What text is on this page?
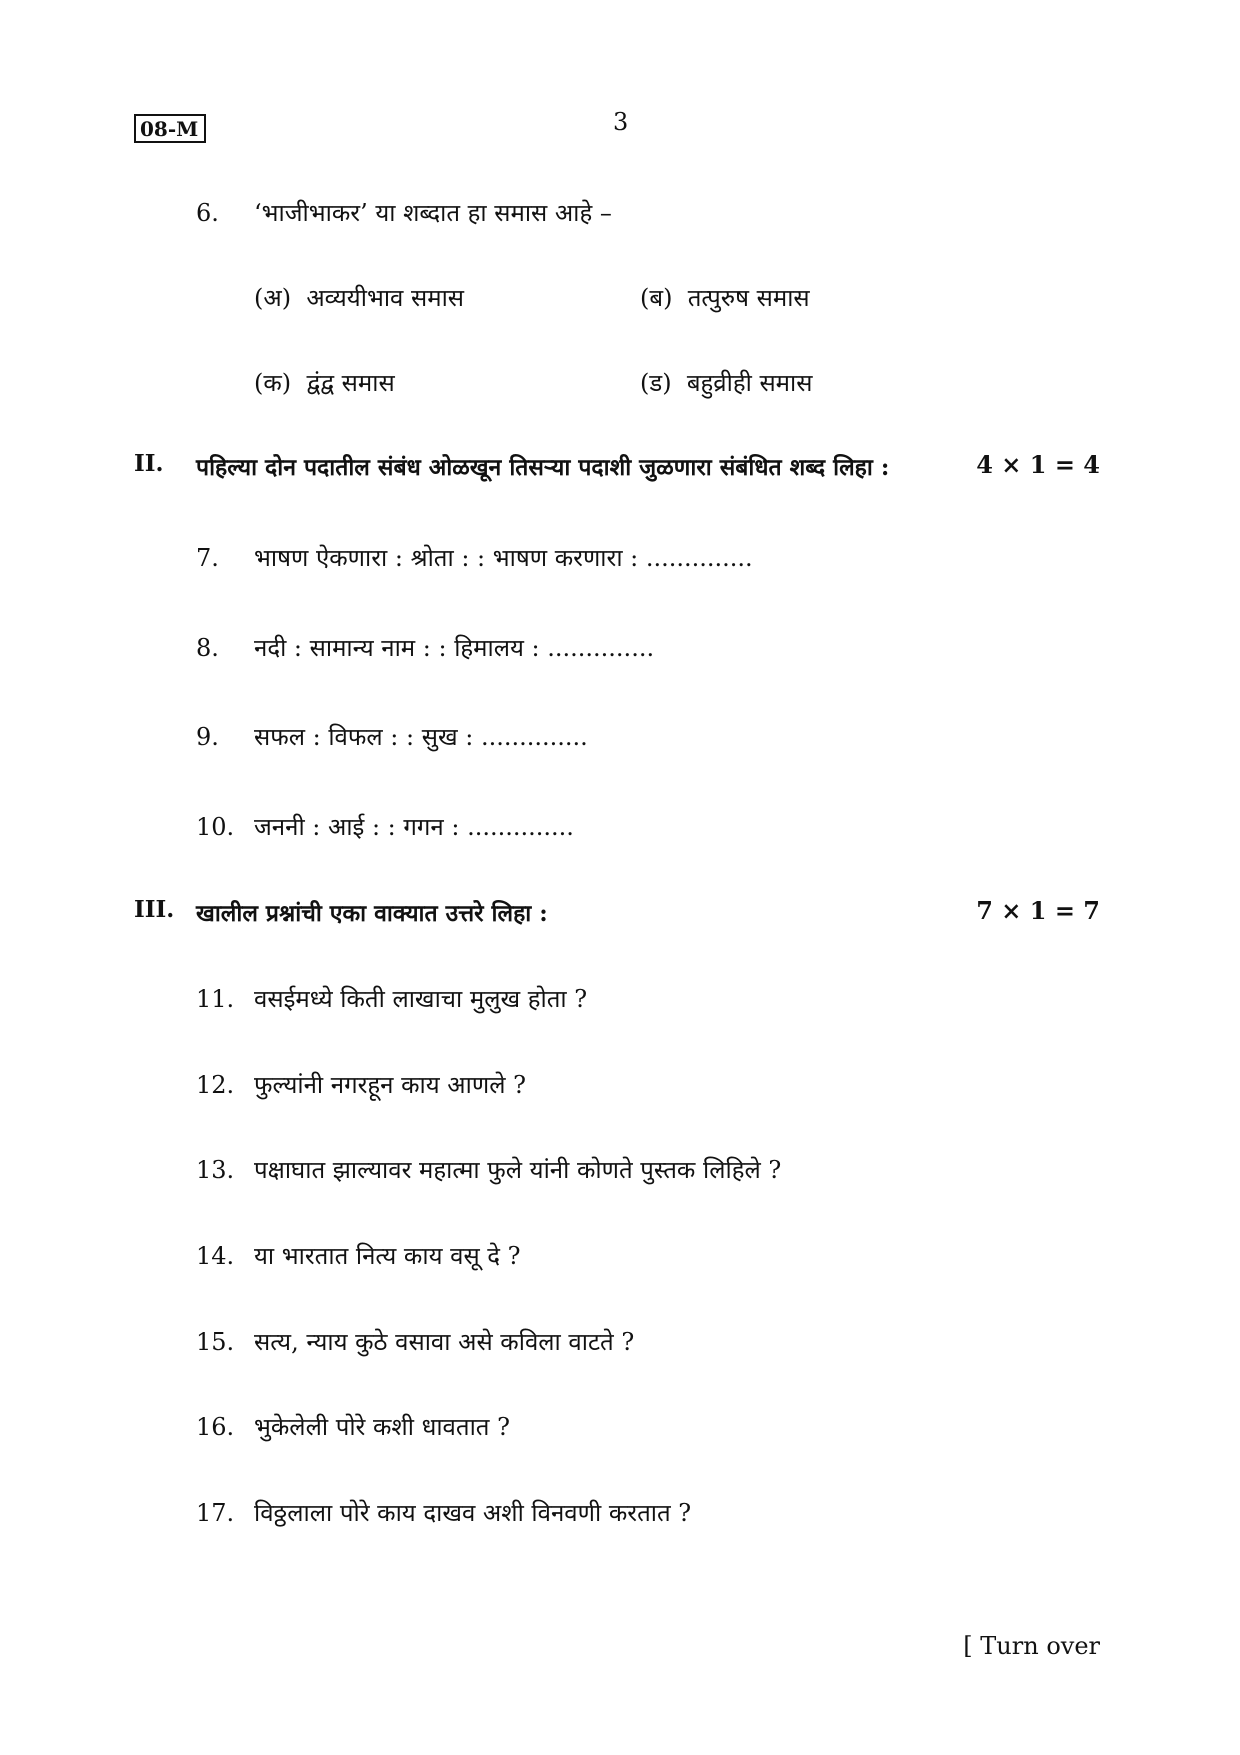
08-M	3
6. ‘भाजीभाकर’ या शब्दात हा समास आहे –
(अ) अव्ययीभाव समास	(ब) तत्पुरुष समास
(क) द्वंद्व समास	(ड) बहुव्रीही समास
II. पहिल्या दोन पदातील संबंध ओळखून तिसऱ्या पदाशी जुळणारा संबंधित शब्द लिहा :	4 × 1 = 4
7. भाषण ऐकणारा : श्रोता : : भाषण करणारा : ..............
8. नदी : सामान्य नाम : : हिमालय : ..............
9. सफल : विफल : : सुख : ..............
10. जननी : आई : : गगन : ..............
III. खालील प्रश्नांची एका वाक्यात उत्तरे लिहा :	7 × 1 = 7
11. वसईमध्ये किती लाखाचा मुलुख होता ?
12. फुल्यांनी नगरहून काय आणले ?
13. पक्षाघात झाल्यावर महात्मा फुले यांनी कोणते पुस्तक लिहिले ?
14. या भारतात नित्य काय वसू दे ?
15. सत्य, न्याय कुठे वसावा असे कविला वाटते ?
16. भुकेलेली पोरे कशी धावतात ?
17. विठ्ठलाला पोरे काय दाखव अशी विनवणी करतात ?
[ Turn over
